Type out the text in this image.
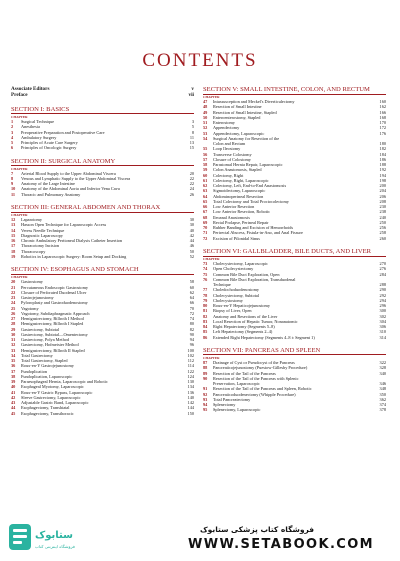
CONTENTS
Associate Editors	v
Preface	vii
SECTION I: BASICS
CHAPTER
1	Surgical Technique	3
2	Anesthesia	5
3	Preoperative Preparation and Postoperative Care	8
4	Ambulatory Surgery	11
5	Principles of Acute Care Surgery	13
6	Principles of Oncologic Surgery	15
SECTION II: SURGICAL ANATOMY
CHAPTER
7	Arterial Blood Supply to the Upper Abdominal Viscera	20
8	Venous and Lymphatic Supply to the Upper Abdominal Viscera	22
9	Anatomy of the Large Intestine	22
10	Anatomy of the Abdominal Aorta and Inferior Vena Cava	24
11	Thoracic and Pulmonary Anatomy	26
SECTION III: GENERAL ABDOMEN AND THORAX
CHAPTER
12	Laparotomy	30
13	Hasson Open Technique for Laparoscopic Access	30
14	Veress Needle Technique	40
15	Diagnostic Laparoscopy	42
16	Chronic Ambulatory Peritoneal Dialysis Catheter Insertion	44
17	Thoracotomy Incision	46
18	Thoracoscopy	50
19	Robotics in Laparoscopic Surgery: Room Setup and Docking	52
SECTION IV: ESOPHAGUS AND STOMACH
CHAPTER
20	Gastrostomy	58
21	Percutaneous Endoscopic Gastrostomy	60
22	Closure of Perforated Duodenal Ulcer	62
23	Gastrojejunostomy	64
24	Pyloroplasty and Gastroduodenostomy	66
25	Vagotomy	70
26	Vagotomy, Subdiaphragmatic Approach	72
27	Hemigastrectomy, Billroth I Method	74
28	Hemigastrectomy, Billroth I Stapled	80
29	Gastrectomy, Subtotal	82
30	Gastrectomy, Subtotal—Omentectomy	90
31	Gastrectomy, Polya Method	94
32	Gastrectomy, Hofmeister Method	96
33	Hemigastrectomy, Billroth II Stapled	100
34	Total Gastrectomy	102
35	Total Gastrectomy, Stapled	112
36	Roux-en-Y Gastrojejunostomy	114
37	Fundoplication	122
38	Fundoplication, Laparoscopic	124
39	Paraesophageal Hernia, Laparoscopic and Robotic	130
40	Esophageal Myotomy, Laparoscopic	134
41	Roux-en-Y Gastric Bypass, Laparoscopic	136
42	Sleeve Gastrectomy, Laparoscopic	140
43	Adjustable Gastric Band, Laparoscopic	142
44	Esophagectomy, Transhiatal	144
45	Esophagectomy, Transthoracic	150
SECTION V: SMALL INTESTINE, COLON, AND RECTUM
CHAPTER
47	Intussusception and Meckel's Diverticulectomy	160
48	Resection of Small Intestine	162
49	Resection of Small Intestine, Stapled	166
50	Enteroenterostomy, Stapled	168
51	Enterostomy	170
52	Appendectomy	172
53	Appendectomy, Laparoscopic	176
54	Surgical Anatomy for Resection of the
Colon and Rectum	180
55	Loop Ileostomy	182
56	Transverse Colostomy	184
57	Closure of Colostomy	186
58	Parastomal Hernia Repair, Laparoscopic	188
59	Colon Anastomosis, Stapled	192
60	Colectomy, Right	194
61	Colectomy, Right, Laparoscopic	198
62	Colectomy, Left, End-to-End Anastomosis	200
63	Sigmoidectomy, Laparoscopic	204
64	Abdominoperineal Resection	206
65	Total Colectomy and Total Proctocolectomy	208
66	Low Anterior Resection	230
67	Low Anterior Resection, Robotic	238
68	Ileoanal Anastomosis	240
69	Rectal Prolapse, Perineal Repair	250
70	Rubber Banding and Excision of Hemorrhoids	256
71	Perirectal Abscess, Fistula-in-Ano, and Anal Fissure	258
72	Excision of Pilonidal Sinus	260
SECTION VI: GALLBLADDER, BILE DUCTS, AND LIVER
CHAPTER
73	Cholecystectomy, Laparoscopic	270
74	Open Cholecystectomy	276
75	Common Bile Duct Exploration, Open	284
76	Common Bile Duct Exploration, Transduodenal
Technique	288
77	Choledochoduodenostomy	290
78	Cholecystectomy, Subtotal	292
79	Cholecystostomy	294
80	Roux-en-Y Hepaticojejunostomy	296
81	Biopsy of Liver, Open	300
82	Anatomy and Resections of the Liver	302
83	Local Resection of Hepatic Tumor, Nonanatomic	304
84	Right Hepatectomy (Segments 5–8)	306
85	Left Hepatectomy (Segments 2–4)	310
86	Extended Right Hepatectomy (Segments 4–8 ± Segment 1)	314
SECTION VII: PANCREAS AND SPLEEN
CHAPTER
87	Drainage of Cyst or Pseudocyst of the Pancreas	322
88	Pancreaticojejunostomy (Puestow-Gillesby Procedure)	328
89	Resection of the Tail of the Pancreas	340
90	Resection of the Tail of the Pancreas with Splenic
Preservation, Laparoscopic	346
91	Resection of the Tail of the Pancreas and Spleen, Robotic	348
92	Pancreaticoduodenectomy (Whipple Procedure)	350
93	Total Pancreatectomy	362
94	Splenectomy	374
95	Splenectomy, Laparoscopic	378
ستابوک
فروشگاه اینترنتی کتاب
فروشگاه کتاب پزشکی ستابوک
WWW.SETABOOK.COM
